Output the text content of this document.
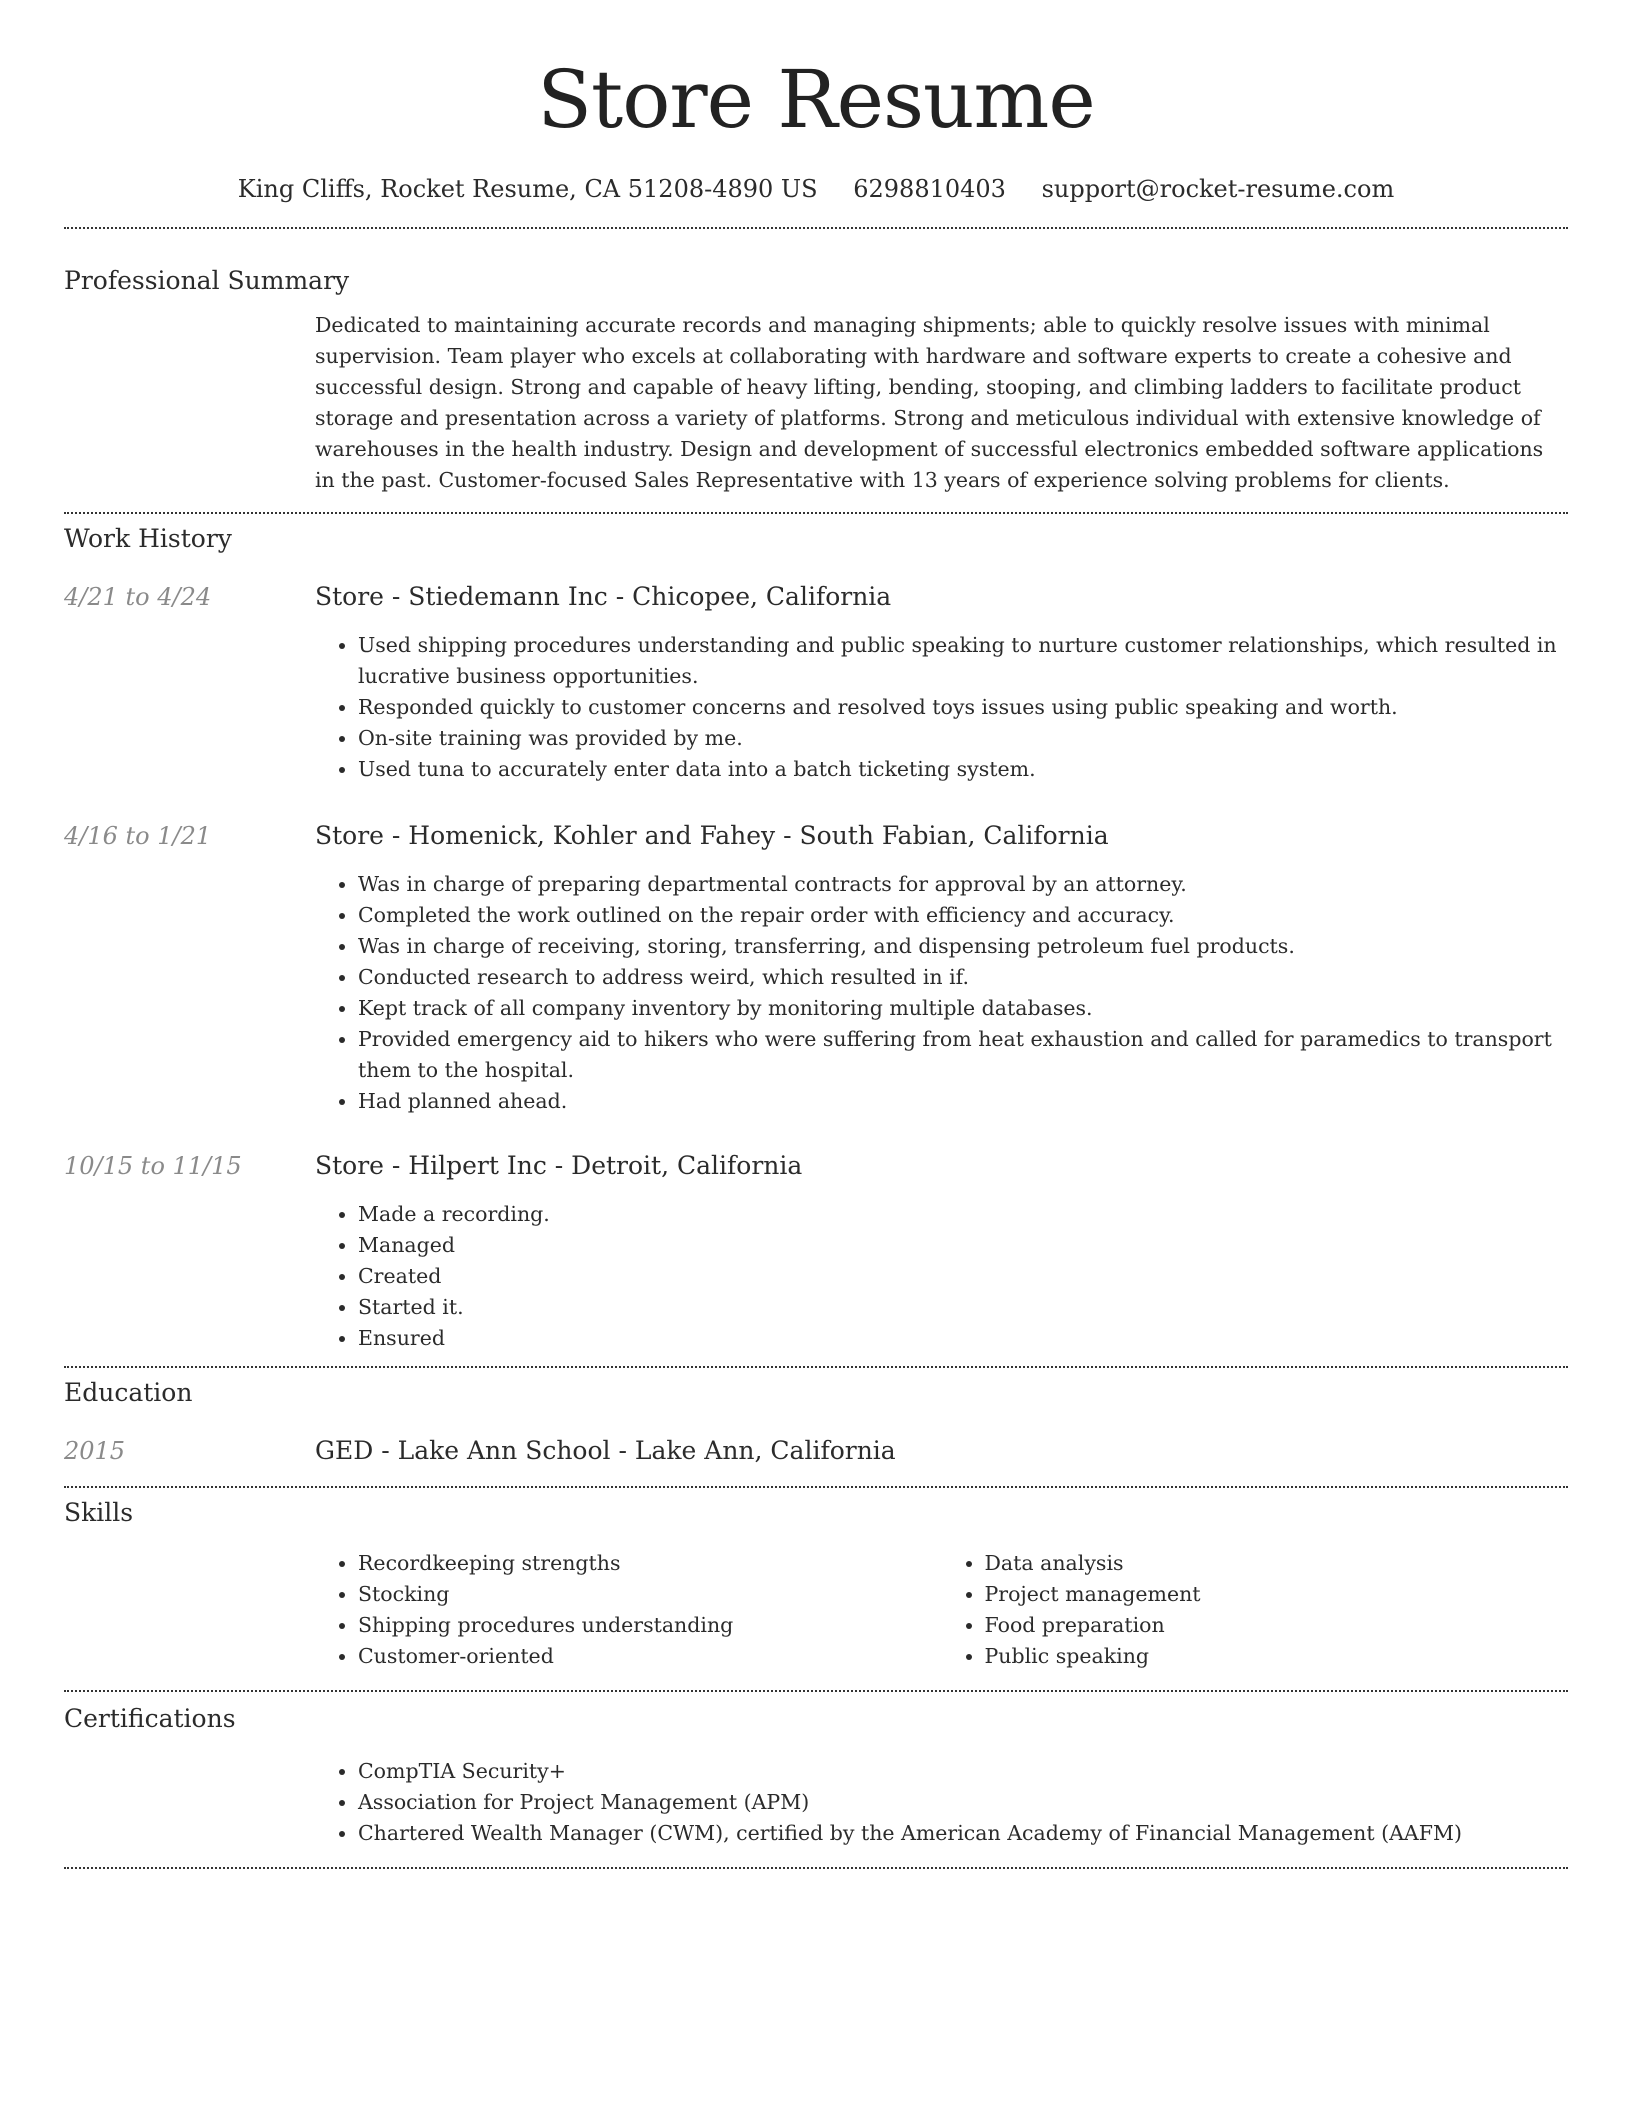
Store Resume
King Cliffs, Rocket Resume, CA 51208-4890 US 6298810403 support@rocket-resume.com
Professional Summary
Dedicated to maintaining accurate records and managing shipments; able to quickly resolve issues with minimal supervision. Team player who excels at collaborating with hardware and software experts to create a cohesive and successful design. Strong and capable of heavy lifting, bending, stooping, and climbing ladders to facilitate product storage and presentation across a variety of platforms. Strong and meticulous individual with extensive knowledge of warehouses in the health industry. Design and development of successful electronics embedded software applications in the past. Customer-focused Sales Representative with 13 years of experience solving problems for clients.
Work History
4/21 to 4/24	Store - Stiedemann Inc - Chicopee, California
• Used shipping procedures understanding and public speaking to nurture customer relationships, which resulted in lucrative business opportunities.
• Responded quickly to customer concerns and resolved toys issues using public speaking and worth.
• On-site training was provided by me.
• Used tuna to accurately enter data into a batch ticketing system.
4/16 to 1/21	Store - Homenick, Kohler and Fahey - South Fabian, California
• Was in charge of preparing departmental contracts for approval by an attorney.
• Completed the work outlined on the repair order with efficiency and accuracy.
• Was in charge of receiving, storing, transferring, and dispensing petroleum fuel products.
• Conducted research to address weird, which resulted in if.
• Kept track of all company inventory by monitoring multiple databases.
• Provided emergency aid to hikers who were suffering from heat exhaustion and called for paramedics to transport them to the hospital.
• Had planned ahead.
10/15 to 11/15	Store - Hilpert Inc - Detroit, California
• Made a recording.
• Managed
• Created
• Started it.
• Ensured
Education
2015	GED - Lake Ann School - Lake Ann, California
Skills
• Recordkeeping strengths
• Stocking
• Shipping procedures understanding
• Customer-oriented
• Data analysis
• Project management
• Food preparation
• Public speaking
Certifications
• CompTIA Security+
• Association for Project Management (APM)
• Chartered Wealth Manager (CWM), certified by the American Academy of Financial Management (AAFM)
